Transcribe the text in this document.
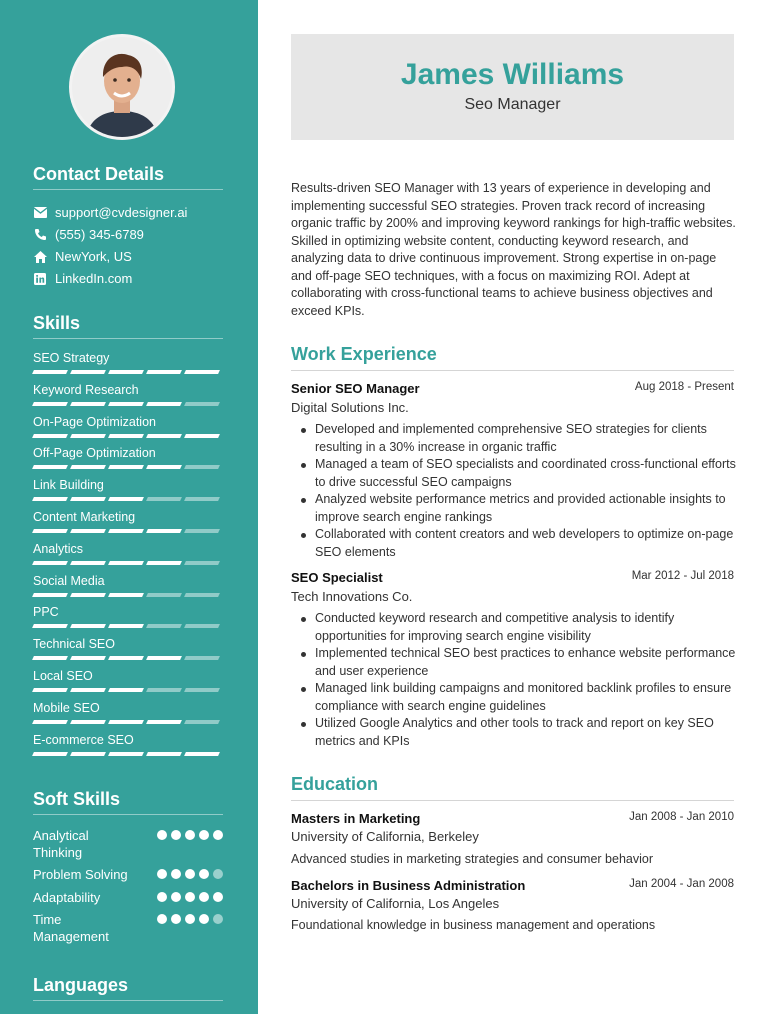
Contact Details
support@cvdesigner.ai
(555) 345-6789
NewYork, US
LinkedIn.com
Skills
SEO Strategy
Keyword Research
On-Page Optimization
Off-Page Optimization
Link Building
Content Marketing
Analytics
Social Media
PPC
Technical SEO
Local SEO
Mobile SEO
E-commerce SEO
Soft Skills
Analytical Thinking
Problem Solving
Adaptability
Time Management
Languages
James Williams
Seo Manager
Results-driven SEO Manager with 13 years of experience in developing and implementing successful SEO strategies. Proven track record of increasing organic traffic by 200% and improving keyword rankings for high-traffic websites. Skilled in optimizing website content, conducting keyword research, and analyzing data to drive continuous improvement. Strong expertise in on-page and off-page SEO techniques, with a focus on maximizing ROI. Adept at collaborating with cross-functional teams to achieve business objectives and exceed KPIs.
Work Experience
Senior SEO Manager	Aug 2018 - Present
Digital Solutions Inc.
Developed and implemented comprehensive SEO strategies for clients resulting in a 30% increase in organic traffic
Managed a team of SEO specialists and coordinated cross-functional efforts to drive successful SEO campaigns
Analyzed website performance metrics and provided actionable insights to improve search engine rankings
Collaborated with content creators and web developers to optimize on-page SEO elements
SEO Specialist	Mar 2012 - Jul 2018
Tech Innovations Co.
Conducted keyword research and competitive analysis to identify opportunities for improving search engine visibility
Implemented technical SEO best practices to enhance website performance and user experience
Managed link building campaigns and monitored backlink profiles to ensure compliance with search engine guidelines
Utilized Google Analytics and other tools to track and report on key SEO metrics and KPIs
Education
Masters in Marketing	Jan 2008 - Jan 2010
University of California, Berkeley
Advanced studies in marketing strategies and consumer behavior
Bachelors in Business Administration	Jan 2004 - Jan 2008
University of California, Los Angeles
Foundational knowledge in business management and operations
